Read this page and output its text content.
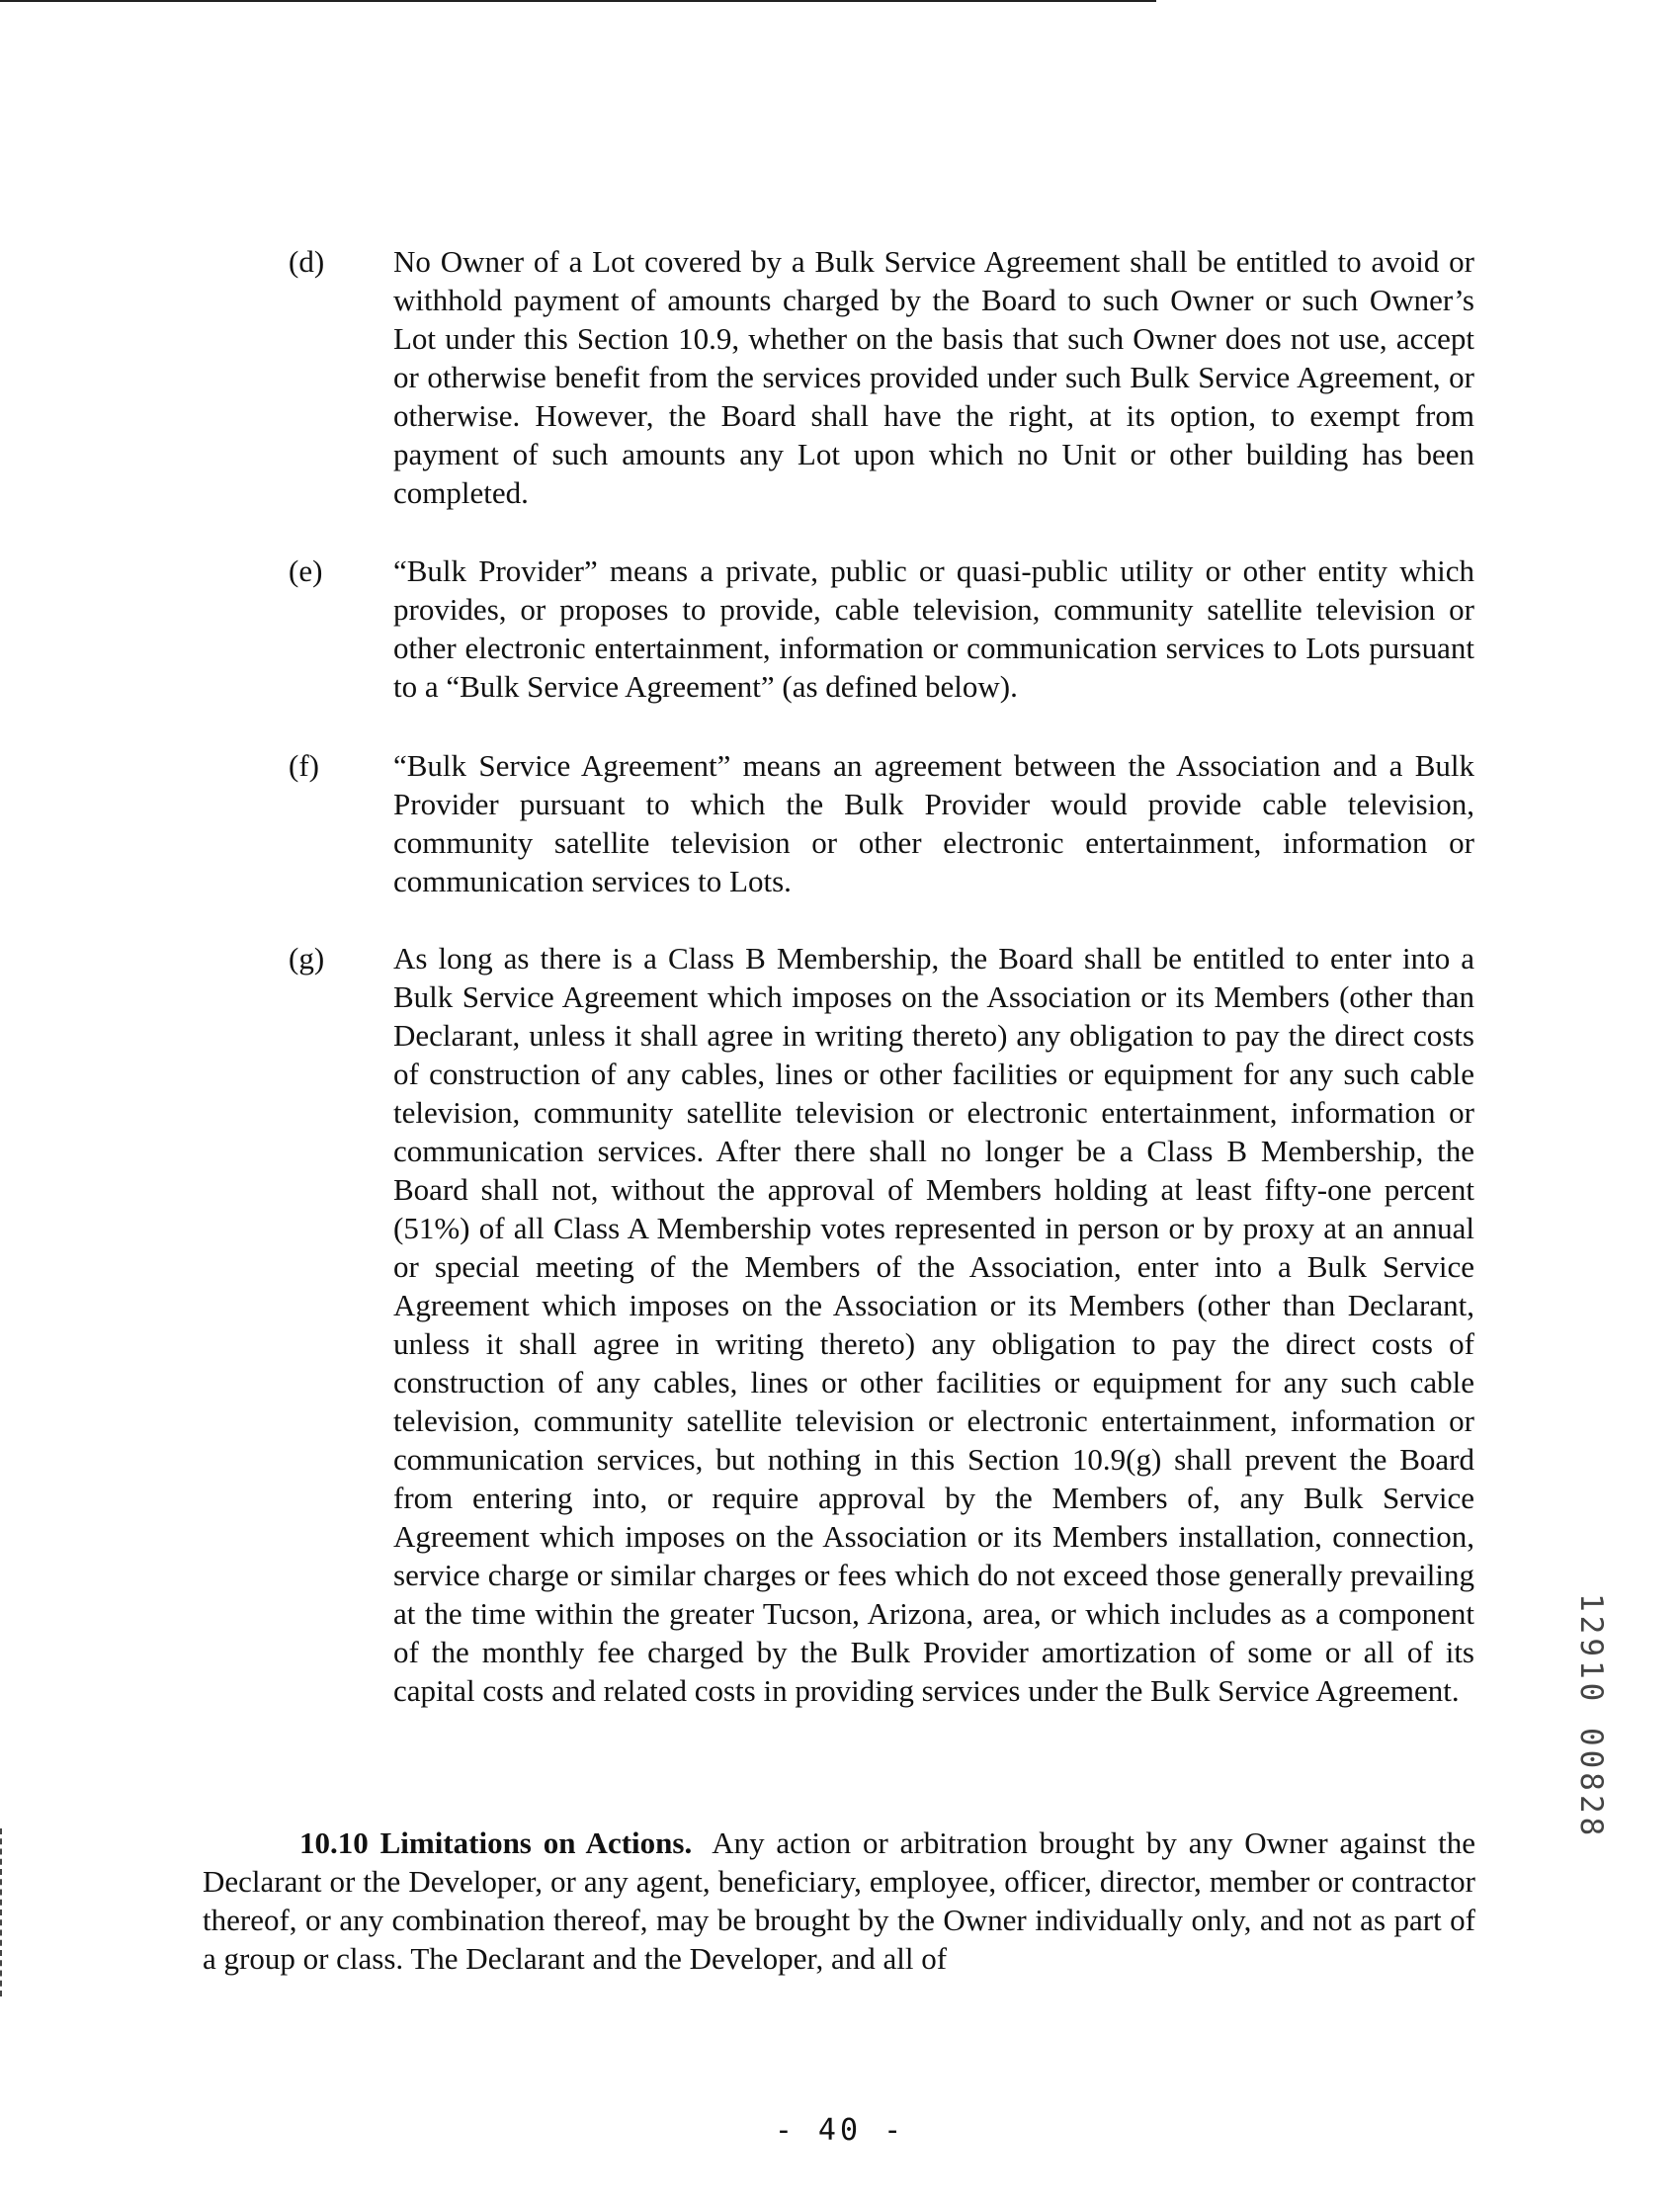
(d)	No Owner of a Lot covered by a Bulk Service Agreement shall be entitled to avoid or withhold payment of amounts charged by the Board to such Owner or such Owner’s Lot under this Section 10.9, whether on the basis that such Owner does not use, accept or otherwise benefit from the services provided under such Bulk Service Agreement, or otherwise. However, the Board shall have the right, at its option, to exempt from payment of such amounts any Lot upon which no Unit or other building has been completed.
(e)	“Bulk Provider” means a private, public or quasi-public utility or other entity which provides, or proposes to provide, cable television, community satellite television or other electronic entertainment, information or communication services to Lots pursuant to a “Bulk Service Agreement” (as defined below).
(f)	“Bulk Service Agreement” means an agreement between the Association and a Bulk Provider pursuant to which the Bulk Provider would provide cable television, community satellite television or other electronic entertainment, information or communication services to Lots.
(g)	As long as there is a Class B Membership, the Board shall be entitled to enter into a Bulk Service Agreement which imposes on the Association or its Members (other than Declarant, unless it shall agree in writing thereto) any obligation to pay the direct costs of construction of any cables, lines or other facilities or equipment for any such cable television, community satellite television or electronic entertainment, information or communication services. After there shall no longer be a Class B Membership, the Board shall not, without the approval of Members holding at least fifty-one percent (51%) of all Class A Membership votes represented in person or by proxy at an annual or special meeting of the Members of the Association, enter into a Bulk Service Agreement which imposes on the Association or its Members (other than Declarant, unless it shall agree in writing thereto) any obligation to pay the direct costs of construction of any cables, lines or other facilities or equipment for any such cable television, community satellite television or electronic entertainment, information or communication services, but nothing in this Section 10.9(g) shall prevent the Board from entering into, or require approval by the Members of, any Bulk Service Agreement which imposes on the Association or its Members installation, connection, service charge or similar charges or fees which do not exceed those generally prevailing at the time within the greater Tucson, Arizona, area, or which includes as a component of the monthly fee charged by the Bulk Provider amortization of some or all of its capital costs and related costs in providing services under the Bulk Service Agreement.
10.10 Limitations on Actions. Any action or arbitration brought by any Owner against the Declarant or the Developer, or any agent, beneficiary, employee, officer, director, member or contractor thereof, or any combination thereof, may be brought by the Owner individually only, and not as part of a group or class. The Declarant and the Developer, and all of
- 40 -
12910 00828
